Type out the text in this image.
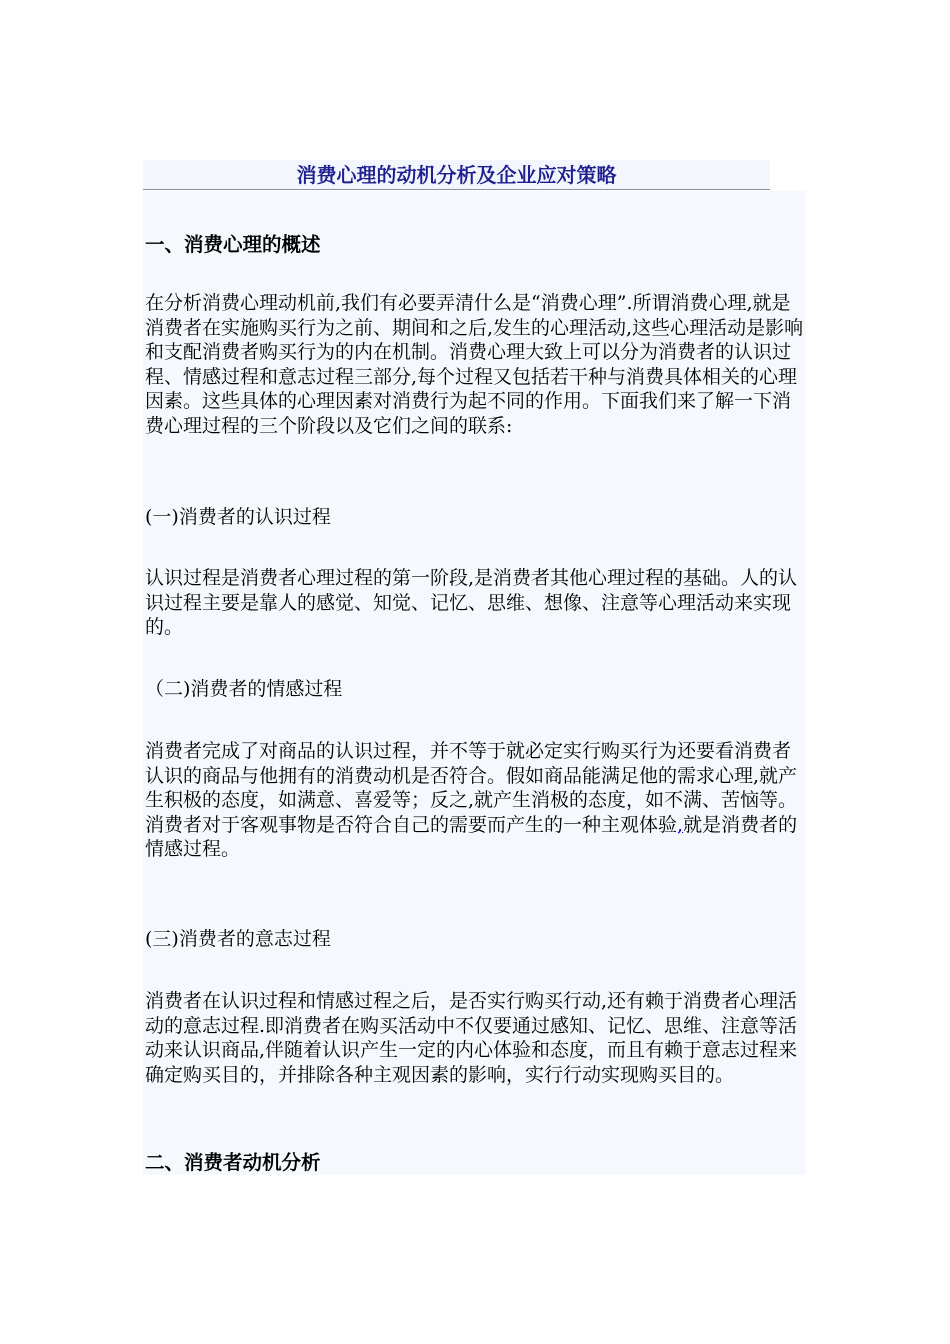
消费心理的动机分析及企业应对策略
一、消费心理的概述

在分析消费心理动机前,我们有必要弄清什么是“消费心理”.所谓消费心理,就是消费者在实施购买行为之前、期间和之后,发生的心理活动,这些心理活动是影响和支配消费者购买行为的内在机制。消费心理大致上可以分为消费者的认识过程、情感过程和意志过程三部分,每个过程又包括若干种与消费具体相关的心理因素。这些具体的心理因素对消费行为起不同的作用。下面我们来了解一下消费心理过程的三个阶段以及它们之间的联系:

(一)消费者的认识过程

认识过程是消费者心理过程的第一阶段,是消费者其他心理过程的基础。人的认识过程主要是靠人的感觉、知觉、记忆、思维、想像、注意等心理活动来实现的。

（二)消费者的情感过程

消费者完成了对商品的认识过程，并不等于就必定实行购买行为还要看消费者认识的商品与他拥有的消费动机是否符合。假如商品能满足他的需求心理,就产生积极的态度，如满意、喜爱等；反之,就产生消极的态度，如不满、苦恼等。消费者对于客观事物是否符合自己的需要而产生的一种主观体验,就是消费者的情感过程。

(三)消费者的意志过程

消费者在认识过程和情感过程之后，是否实行购买行动,还有赖于消费者心理活动的意志过程.即消费者在购买活动中不仅要通过感知、记忆、思维、注意等活动来认识商品,伴随着认识产生一定的内心体验和态度，而且有赖于意志过程来确定购买目的，并排除各种主观因素的影响，实行行动实现购买目的。

二、消费者动机分析
